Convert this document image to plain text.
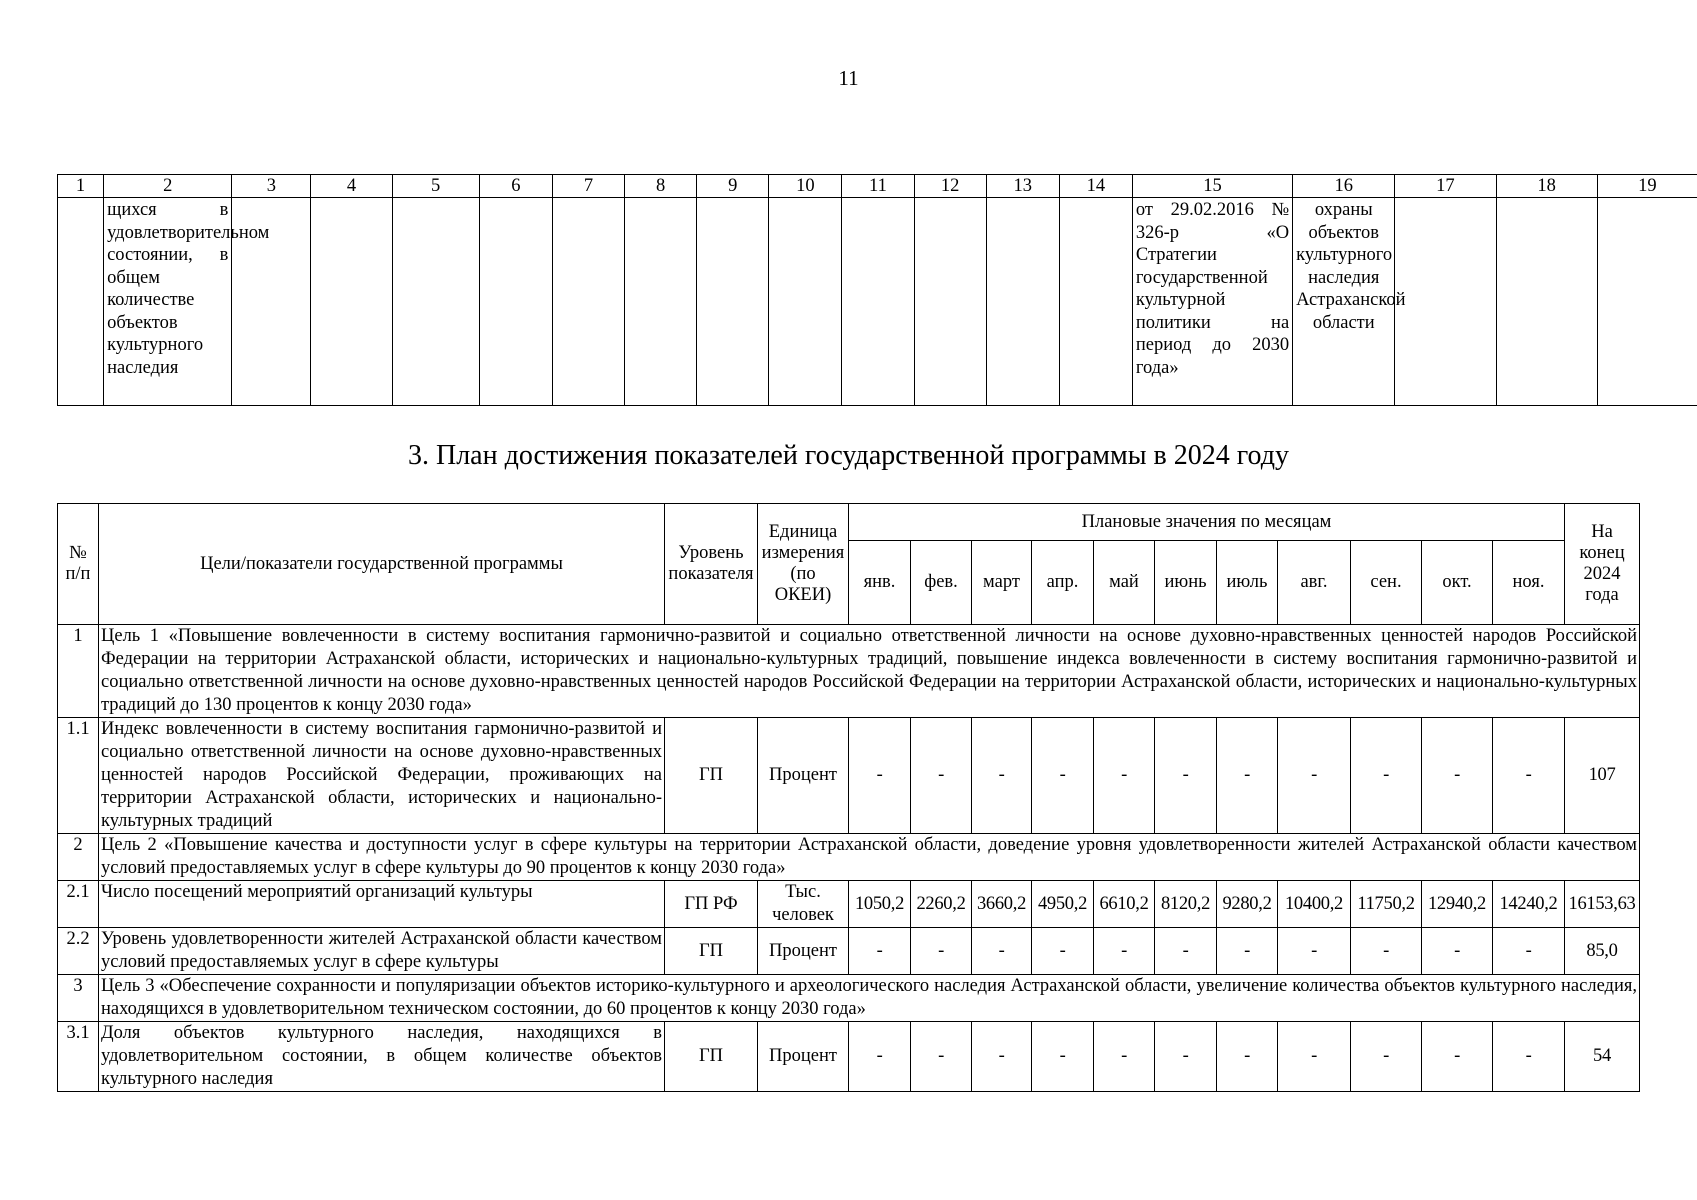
11
1	2	3	4	5	6	7	8	9	10	11	12	13	14	15	16	17	18	19
	щихся в удовлетворительном состоянии, в общем количестве объектов культурного наследия													от 29.02.2016 № 326-р «О Стратегии государственной культурной политики на период до 2030 года»	охраны объектов культурного наследия Астраханской области			
3. План достижения показателей государственной программы в 2024 году
№ п/п	Цели/показатели государственной программы	Уровень показателя	Единица измерения (по ОКЕИ)	Плановые значения по месяцам											На конец 2024 года
				янв.	фев.	март	апр.	май	июнь	июль	авг.	сен.	окт.	ноя.	
1	Цель 1 «Повышение вовлеченности в систему воспитания гармонично-развитой и социально ответственной личности на основе духовно-нравственных ценностей народов Российской Федерации на территории Астраханской области, исторических и национально-культурных традиций, повышение индекса вовлеченности в систему воспитания гармонично-развитой и социально ответственной личности на основе духовно-нравственных ценностей народов Российской Федерации на территории Астраханской области, исторических и национально-культурных традиций до 130 процентов к концу 2030 года»														
1.1	Индекс вовлеченности в систему воспитания гармонично-развитой и социально ответственной личности на основе духовно-нравственных ценностей народов Российской Федерации, проживающих на территории Астраханской области, исторических и национально-культурных традиций	ГП	Процент	-	-	-	-	-	-	-	-	-	-	-	107
2	Цель 2 «Повышение качества и доступности услуг в сфере культуры на территории Астраханской области, доведение уровня удовлетворенности жителей Астраханской области качеством условий предоставляемых услуг в сфере культуры до 90 процентов к концу 2030 года»														
2.1	Число посещений мероприятий организаций культуры	ГП РФ	Тыс. человек	1050,2	2260,2	3660,2	4950,2	6610,2	8120,2	9280,2	10400,2	11750,2	12940,2	14240,2	16153,63
2.2	Уровень удовлетворенности жителей Астраханской области качеством условий предоставляемых услуг в сфере культуры	ГП	Процент	-	-	-	-	-	-	-	-	-	-	-	85,0
3	Цель 3 «Обеспечение сохранности и популяризации объектов историко-культурного и археологического наследия Астраханской области, увеличение количества объектов культурного наследия, находящихся в удовлетворительном техническом состоянии, до 60 процентов к концу 2030 года»														
3.1	Доля объектов культурного наследия, находящихся в удовлетворительном состоянии, в общем количестве объектов культурного наследия	ГП	Процент	-	-	-	-	-	-	-	-	-	-	-	54
